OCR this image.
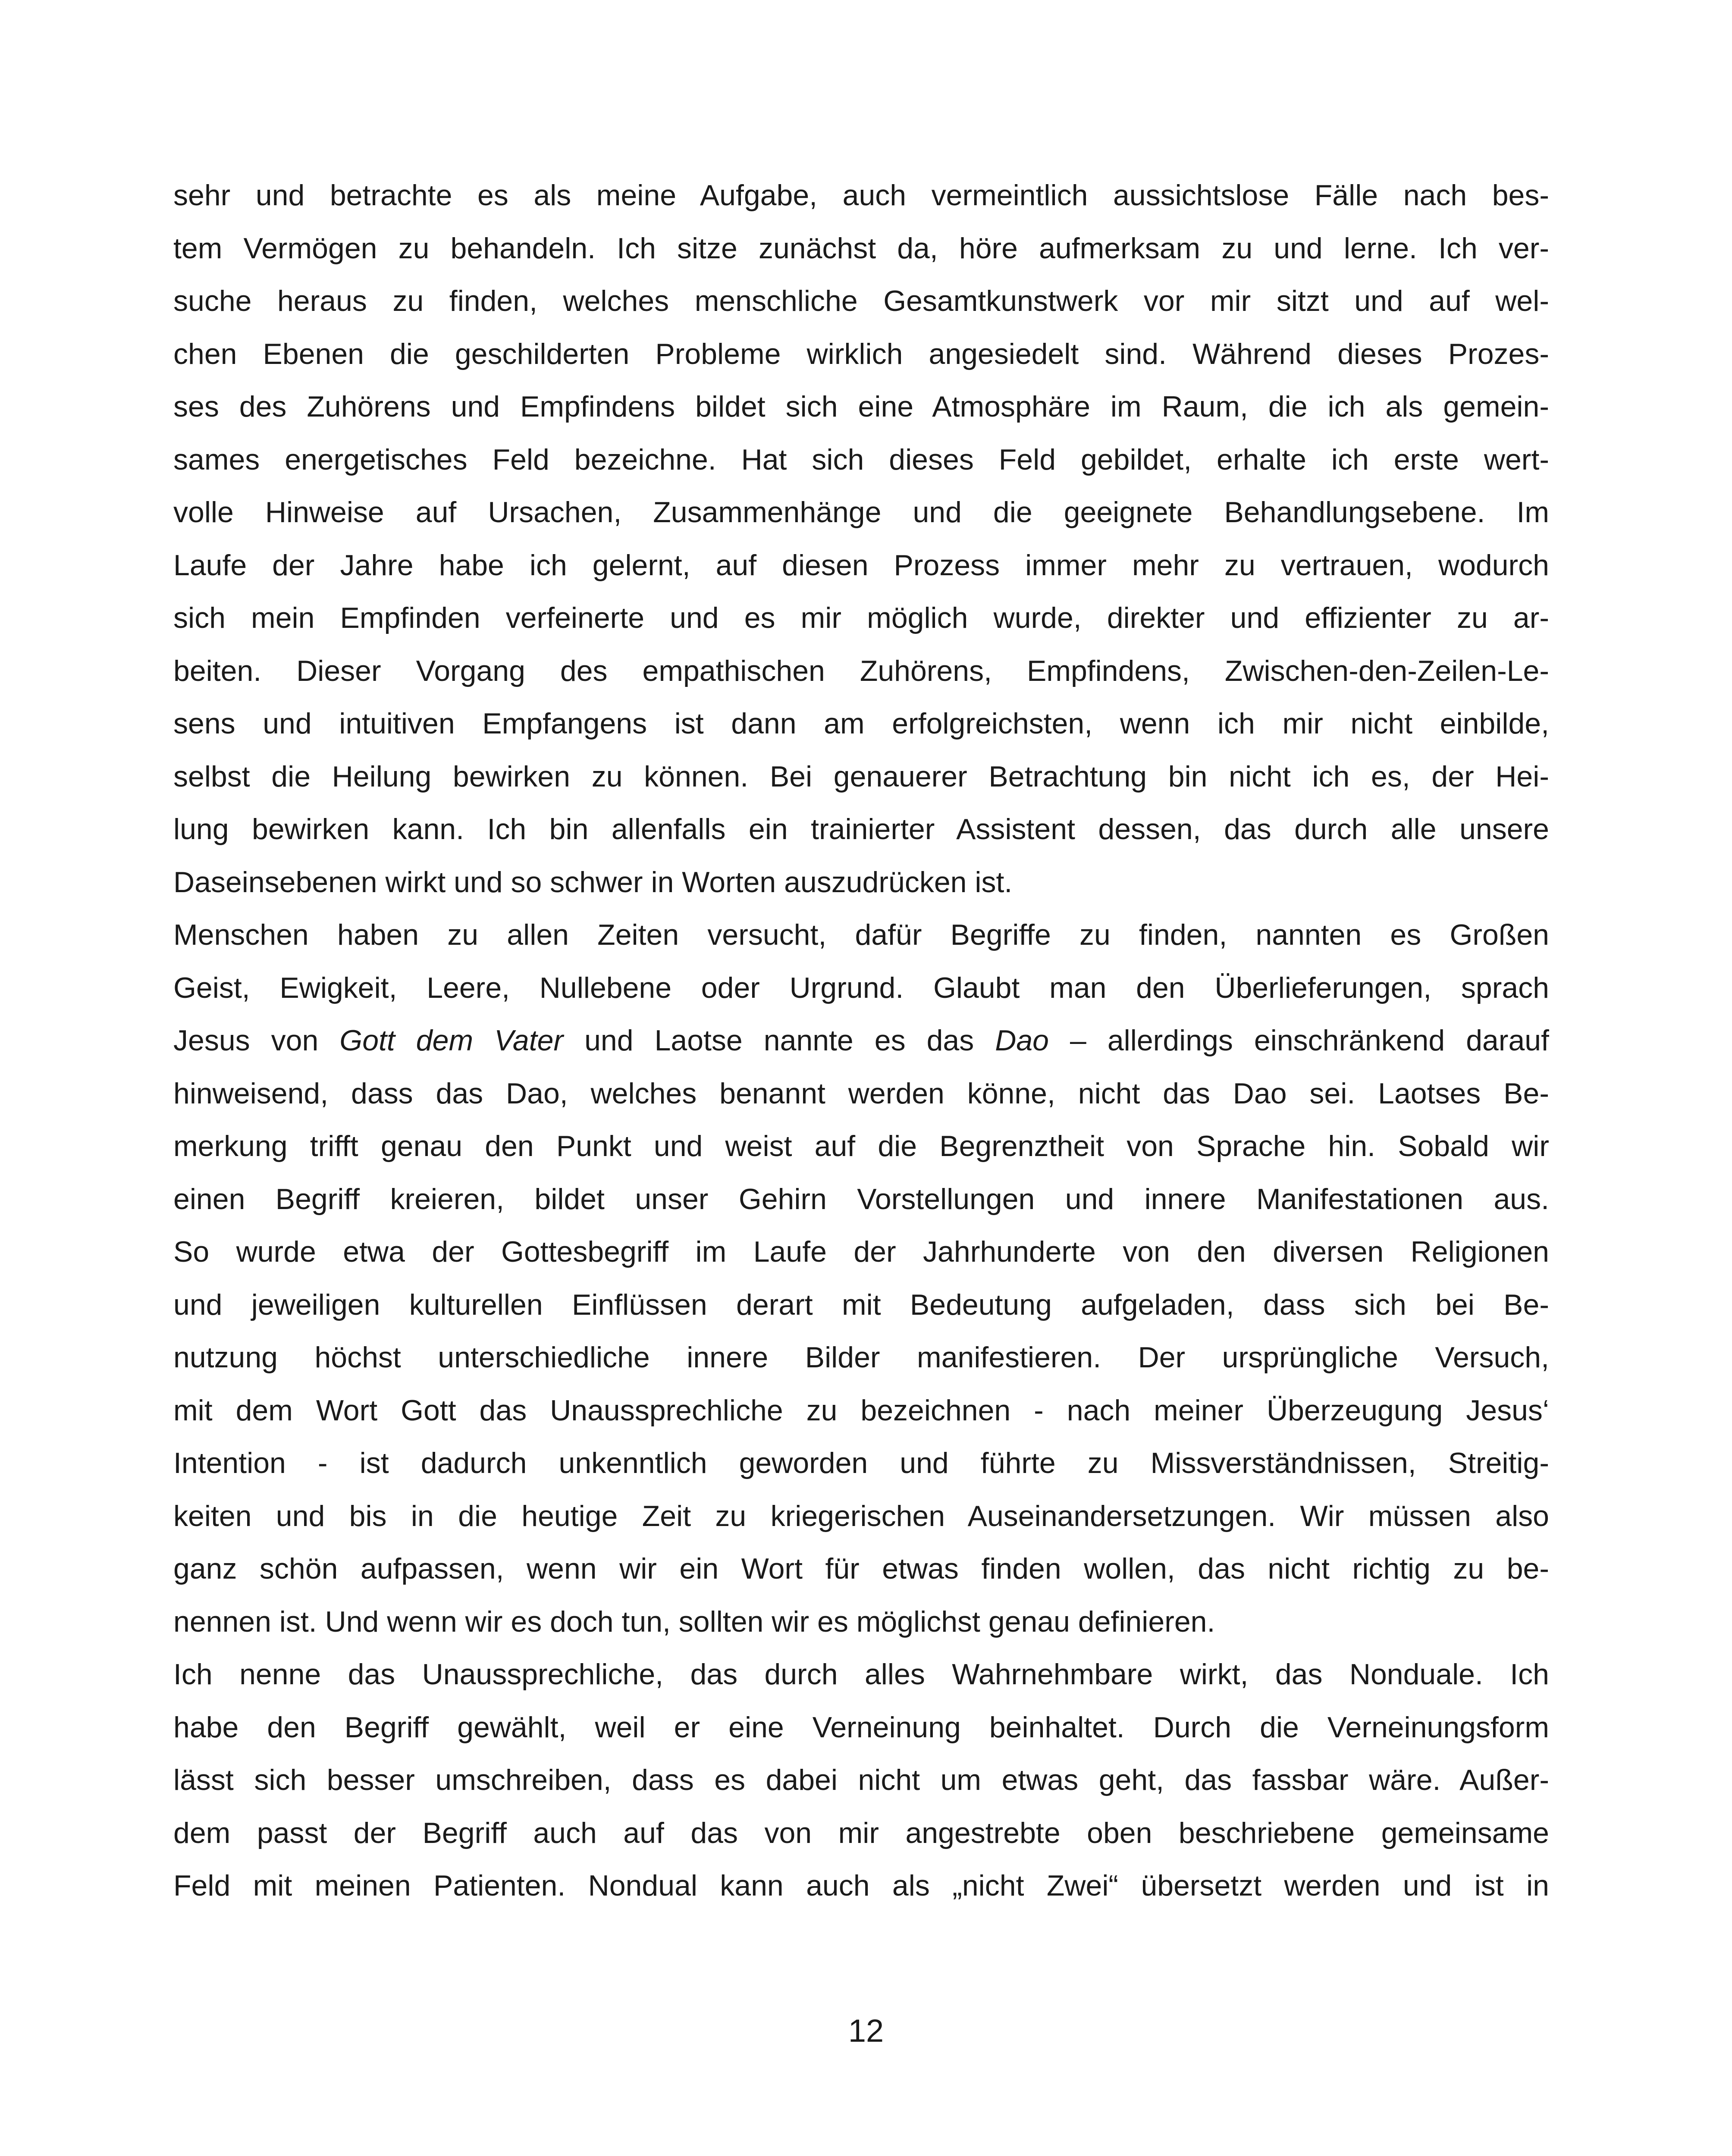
sehr und betrachte es als meine Aufgabe, auch vermeintlich aussichtslose Fälle nach bes-
tem Vermögen zu behandeln. Ich sitze zunächst da, höre aufmerksam zu und lerne. Ich ver-
suche heraus zu finden, welches menschliche Gesamtkunstwerk vor mir sitzt und auf wel-
chen Ebenen die geschilderten Probleme wirklich angesiedelt sind. Während dieses Prozes-
ses des Zuhörens und Empfindens bildet sich eine Atmosphäre im Raum, die ich als gemein-
sames energetisches Feld bezeichne. Hat sich dieses Feld gebildet, erhalte ich erste wert-
volle Hinweise auf Ursachen, Zusammenhänge und die geeignete Behandlungsebene. Im
Laufe der Jahre habe ich gelernt, auf diesen Prozess immer mehr zu vertrauen, wodurch
sich mein Empfinden verfeinerte und es mir möglich wurde, direkter und effizienter zu ar-
beiten. Dieser Vorgang des empathischen Zuhörens, Empfindens, Zwischen-den-Zeilen-Le-
sens und intuitiven Empfangens ist dann am erfolgreichsten, wenn ich mir nicht einbilde,
selbst die Heilung bewirken zu können. Bei genauerer Betrachtung bin nicht ich es, der Hei-
lung bewirken kann. Ich bin allenfalls ein trainierter Assistent dessen, das durch alle unsere
Daseinsebenen wirkt und so schwer in Worten auszudrücken ist.
Menschen haben zu allen Zeiten versucht, dafür Begriffe zu finden, nannten es Großen
Geist, Ewigkeit, Leere, Nullebene oder Urgrund. Glaubt man den Überlieferungen, sprach
Jesus von Gott dem Vater und Laotse nannte es das Dao – allerdings einschränkend darauf
hinweisend, dass das Dao, welches benannt werden könne, nicht das Dao sei. Laotses Be-
merkung trifft genau den Punkt und weist auf die Begrenztheit von Sprache hin. Sobald wir
einen Begriff kreieren, bildet unser Gehirn Vorstellungen und innere Manifestationen aus.
So wurde etwa der Gottesbegriff im Laufe der Jahrhunderte von den diversen Religionen
und jeweiligen kulturellen Einflüssen derart mit Bedeutung aufgeladen, dass sich bei Be-
nutzung höchst unterschiedliche innere Bilder manifestieren. Der ursprüngliche Versuch,
mit dem Wort Gott das Unaussprechliche zu bezeichnen - nach meiner Überzeugung Jesus‘
Intention - ist dadurch unkenntlich geworden und führte zu Missverständnissen, Streitig-
keiten und bis in die heutige Zeit zu kriegerischen Auseinandersetzungen. Wir müssen also
ganz schön aufpassen, wenn wir ein Wort für etwas finden wollen, das nicht richtig zu be-
nennen ist. Und wenn wir es doch tun, sollten wir es möglichst genau definieren.
Ich nenne das Unaussprechliche, das durch alles Wahrnehmbare wirkt, das Nonduale. Ich
habe den Begriff gewählt, weil er eine Verneinung beinhaltet. Durch die Verneinungsform
lässt sich besser umschreiben, dass es dabei nicht um etwas geht, das fassbar wäre. Außer-
dem passt der Begriff auch auf das von mir angestrebte oben beschriebene gemeinsame
Feld mit meinen Patienten. Nondual kann auch als „nicht Zwei“ übersetzt werden und ist in
12
